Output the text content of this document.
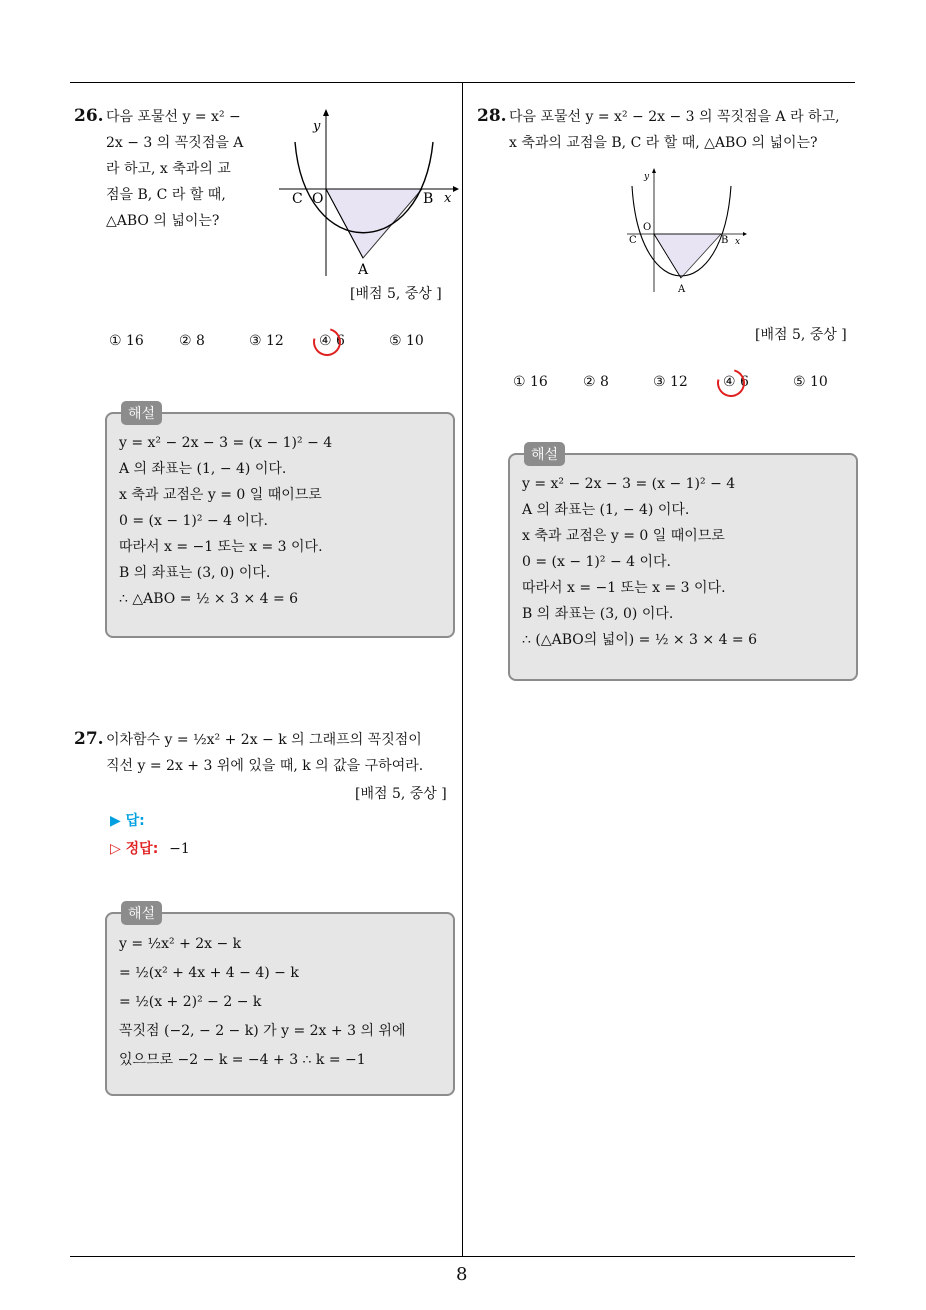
8
26. 다음 포물선 y = x² −
2x − 3 의 꼭짓점을 A
라 하고, x 축과의 교
점을 B, C 라 할 때,
△ABO 의 넓이는?
y
x
C O	B
A
[배점 5, 중상 ]
① 16	② 8	③ 12	④ 6	⑤ 10
해설
y = x² − 2x − 3 = (x − 1)² − 4
A 의 좌표는 (1, − 4) 이다.
x 축과 교점은 y = 0 일 때이므로
0 = (x − 1)² − 4 이다.
따라서 x = −1 또는 x = 3 이다.
B 의 좌표는 (3, 0) 이다.
∴ △ABO = ½ × 3 × 4 = 6
27. 이차함수 y = ½x² + 2x − k 의 그래프의 꼭짓점이
직선 y = 2x + 3 위에 있을 때, k 의 값을 구하여라.
[배점 5, 중상 ]
▶ 답:
▷ 정답: −1
해설
y = ½x² + 2x − k
= ½(x² + 4x + 4 − 4) − k
= ½(x + 2)² − 2 − k
꼭짓점 (−2, − 2 − k) 가 y = 2x + 3 의 위에
있으므로 −2 − k = −4 + 3 ∴ k = −1
28. 다음 포물선 y = x² − 2x − 3 의 꼭짓점을 A 라 하고,
x 축과의 교점을 B, C 라 할 때, △ABO 의 넓이는?
y
x
C
O
B
A
[배점 5, 중상 ]
① 16	② 8	③ 12	④ 6	⑤ 10
해설
y = x² − 2x − 3 = (x − 1)² − 4
A 의 좌표는 (1, − 4) 이다.
x 축과 교점은 y = 0 일 때이므로
0 = (x − 1)² − 4 이다.
따라서 x = −1 또는 x = 3 이다.
B 의 좌표는 (3, 0) 이다.
∴ (△ABO의 넓이) = ½ × 3 × 4 = 6
